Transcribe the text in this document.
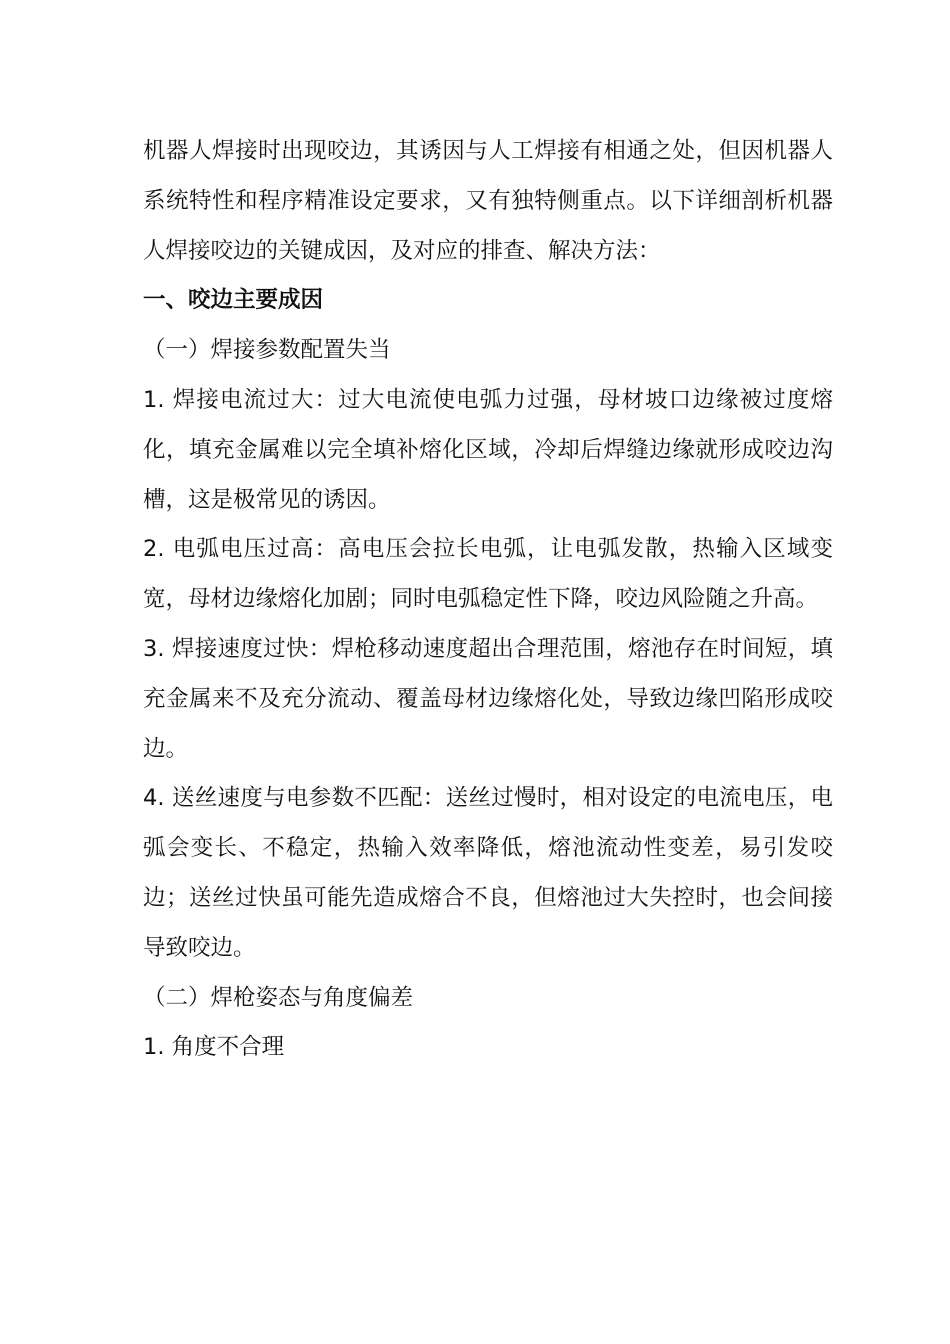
机器人焊接时出现咬边，其诱因与人工焊接有相通之处，但因机器人系统特性和程序精准设定要求，又有独特侧重点。以下详细剖析机器人焊接咬边的关键成因，及对应的排查、解决方法：

一、咬边主要成因

（一）焊接参数配置失当

1. 焊接电流过大：过大电流使电弧力过强，母材坡口边缘被过度熔化，填充金属难以完全填补熔化区域，冷却后焊缝边缘就形成咬边沟槽，这是极常见的诱因。

2. 电弧电压过高：高电压会拉长电弧，让电弧发散，热输入区域变宽，母材边缘熔化加剧；同时电弧稳定性下降，咬边风险随之升高。

3. 焊接速度过快：焊枪移动速度超出合理范围，熔池存在时间短，填充金属来不及充分流动、覆盖母材边缘熔化处，导致边缘凹陷形成咬边。

4. 送丝速度与电参数不匹配：送丝过慢时，相对设定的电流电压，电弧会变长、不稳定，热输入效率降低，熔池流动性变差，易引发咬边；送丝过快虽可能先造成熔合不良，但熔池过大失控时，也会间接导致咬边。

（二）焊枪姿态与角度偏差

1. 角度不合理
